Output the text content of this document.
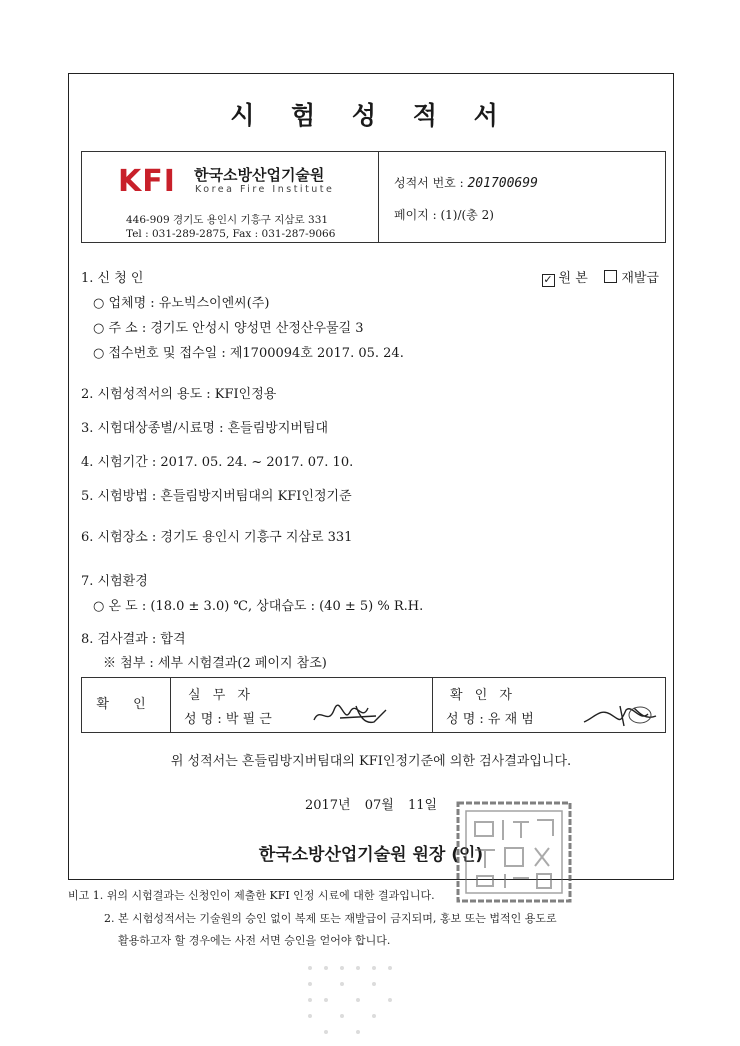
시 험 성 적 서
KFI 한국소방산업기술원
Korea Fire Institute
446-909 경기도 용인시 기흥구 지삼로 331
Tel : 031-289-2875, Fax : 031-287-9066
성적서 번호 : 201700699
페이지 : (1)/(총 2)
1. 신 청 인	✓ 원 본	재발급
○ 업체명 : 유노빅스이엔씨(주)
○ 주 소 : 경기도 안성시 양성면 산정산우물길 3
○ 접수번호 및 접수일 : 제1700094호 2017. 05. 24.
2. 시험성적서의 용도 : KFI인정용
3. 시험대상종별/시료명 : 흔들림방지버팀대
4. 시험기간 : 2017. 05. 24. ~ 2017. 07. 10.
5. 시험방법 : 흔들림방지버팀대의 KFI인정기준
6. 시험장소 : 경기도 용인시 기흥구 지삼로 331
7. 시험환경
○ 온 도 : (18.0 ± 3.0) ℃, 상대습도 : (40 ± 5) % R.H.
8. 검사결과 : 합격
※ 첨부 : 세부 시험결과(2 페이지 참조)
확 인
실 무 자
성 명 : 박 필 근
확 인 자
성 명 : 유 재 범
위 성적서는 흔들림방지버팀대의 KFI인정기준에 의한 검사결과입니다.
2017년 07월 11일
한국소방산업기술원 원장 (인)
비고 1. 위의 시험결과는 신청인이 제출한 KFI 인정 시료에 대한 결과입니다.
2. 본 시험성적서는 기술원의 승인 없이 복제 또는 재발급이 금지되며, 홍보 또는 법적인 용도로
활용하고자 할 경우에는 사전 서면 승인을 얻어야 합니다.
